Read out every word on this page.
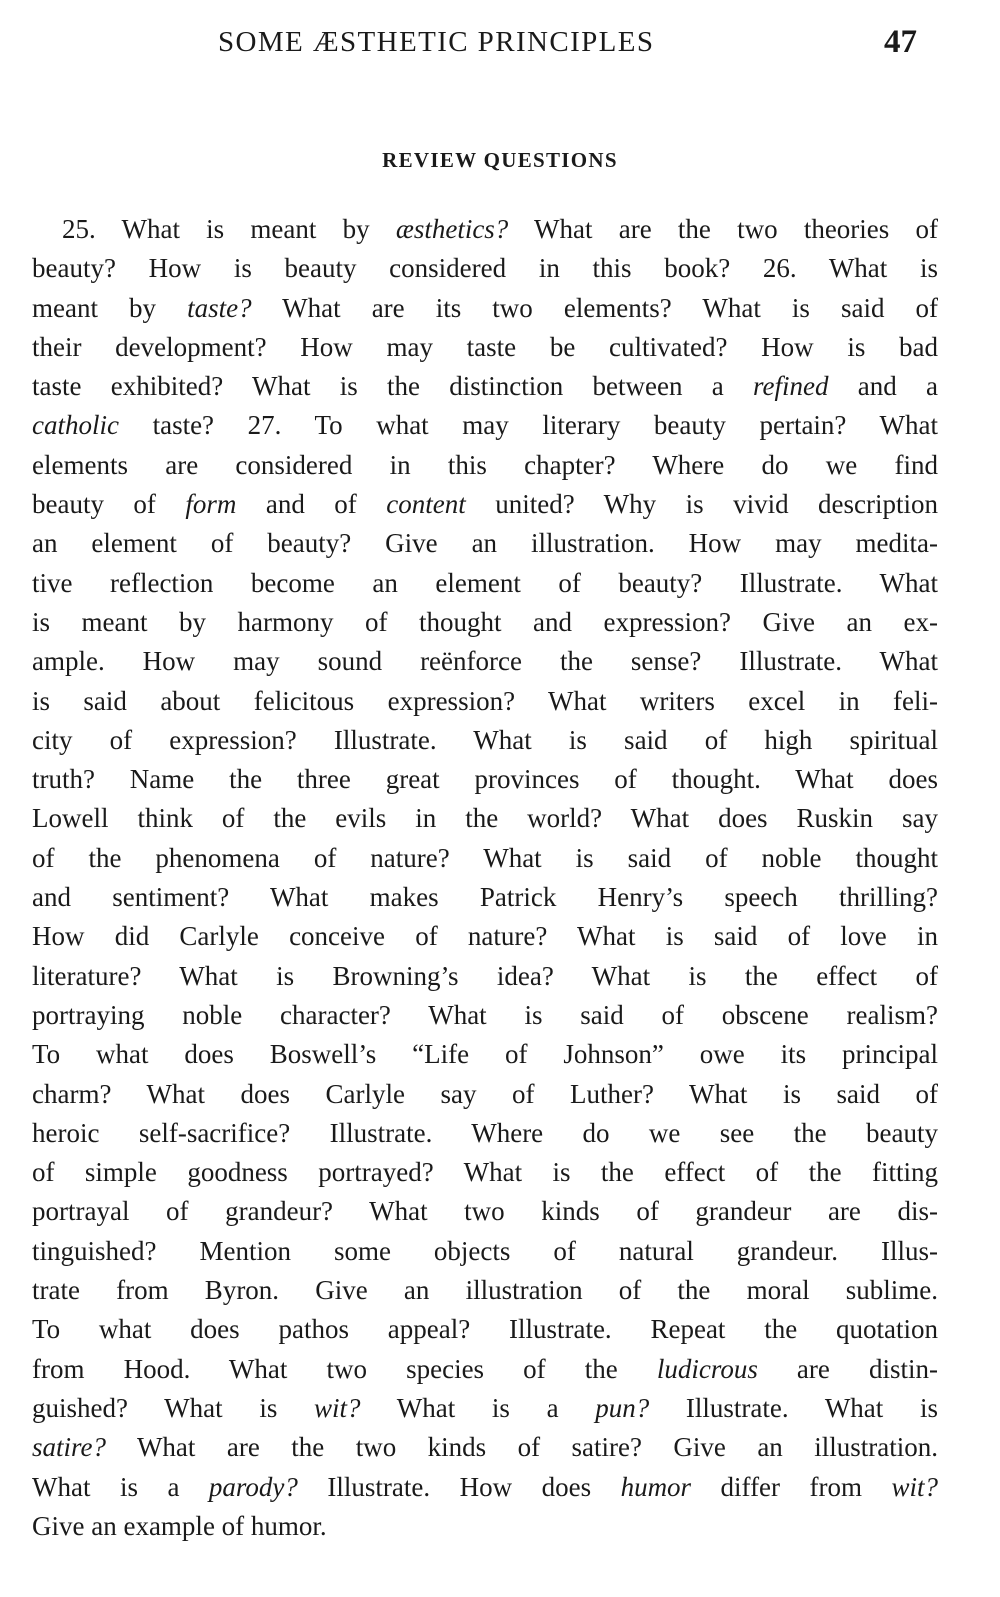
SOME ÆSTHETIC PRINCIPLES	47
REVIEW QUESTIONS
25. What is meant by æsthetics? What are the two theories of
beauty? How is beauty considered in this book? 26. What is
meant by taste? What are its two elements? What is said of
their development? How may taste be cultivated? How is bad
taste exhibited? What is the distinction between a refined and a
catholic taste? 27. To what may literary beauty pertain? What
elements are considered in this chapter? Where do we find
beauty of form and of content united? Why is vivid description
an element of beauty? Give an illustration. How may medita-
tive reflection become an element of beauty? Illustrate. What
is meant by harmony of thought and expression? Give an ex-
ample. How may sound reënforce the sense? Illustrate. What
is said about felicitous expression? What writers excel in feli-
city of expression? Illustrate. What is said of high spiritual
truth? Name the three great provinces of thought. What does
Lowell think of the evils in the world? What does Ruskin say
of the phenomena of nature? What is said of noble thought
and sentiment? What makes Patrick Henry’s speech thrilling?
How did Carlyle conceive of nature? What is said of love in
literature? What is Browning’s idea? What is the effect of
portraying noble character? What is said of obscene realism?
To what does Boswell’s “Life of Johnson” owe its principal
charm? What does Carlyle say of Luther? What is said of
heroic self-sacrifice? Illustrate. Where do we see the beauty
of simple goodness portrayed? What is the effect of the fitting
portrayal of grandeur? What two kinds of grandeur are dis-
tinguished? Mention some objects of natural grandeur. Illus-
trate from Byron. Give an illustration of the moral sublime.
To what does pathos appeal? Illustrate. Repeat the quotation
from Hood. What two species of the ludicrous are distin-
guished? What is wit? What is a pun? Illustrate. What is
satire? What are the two kinds of satire? Give an illustration.
What is a parody? Illustrate. How does humor differ from wit?
Give an example of humor.
